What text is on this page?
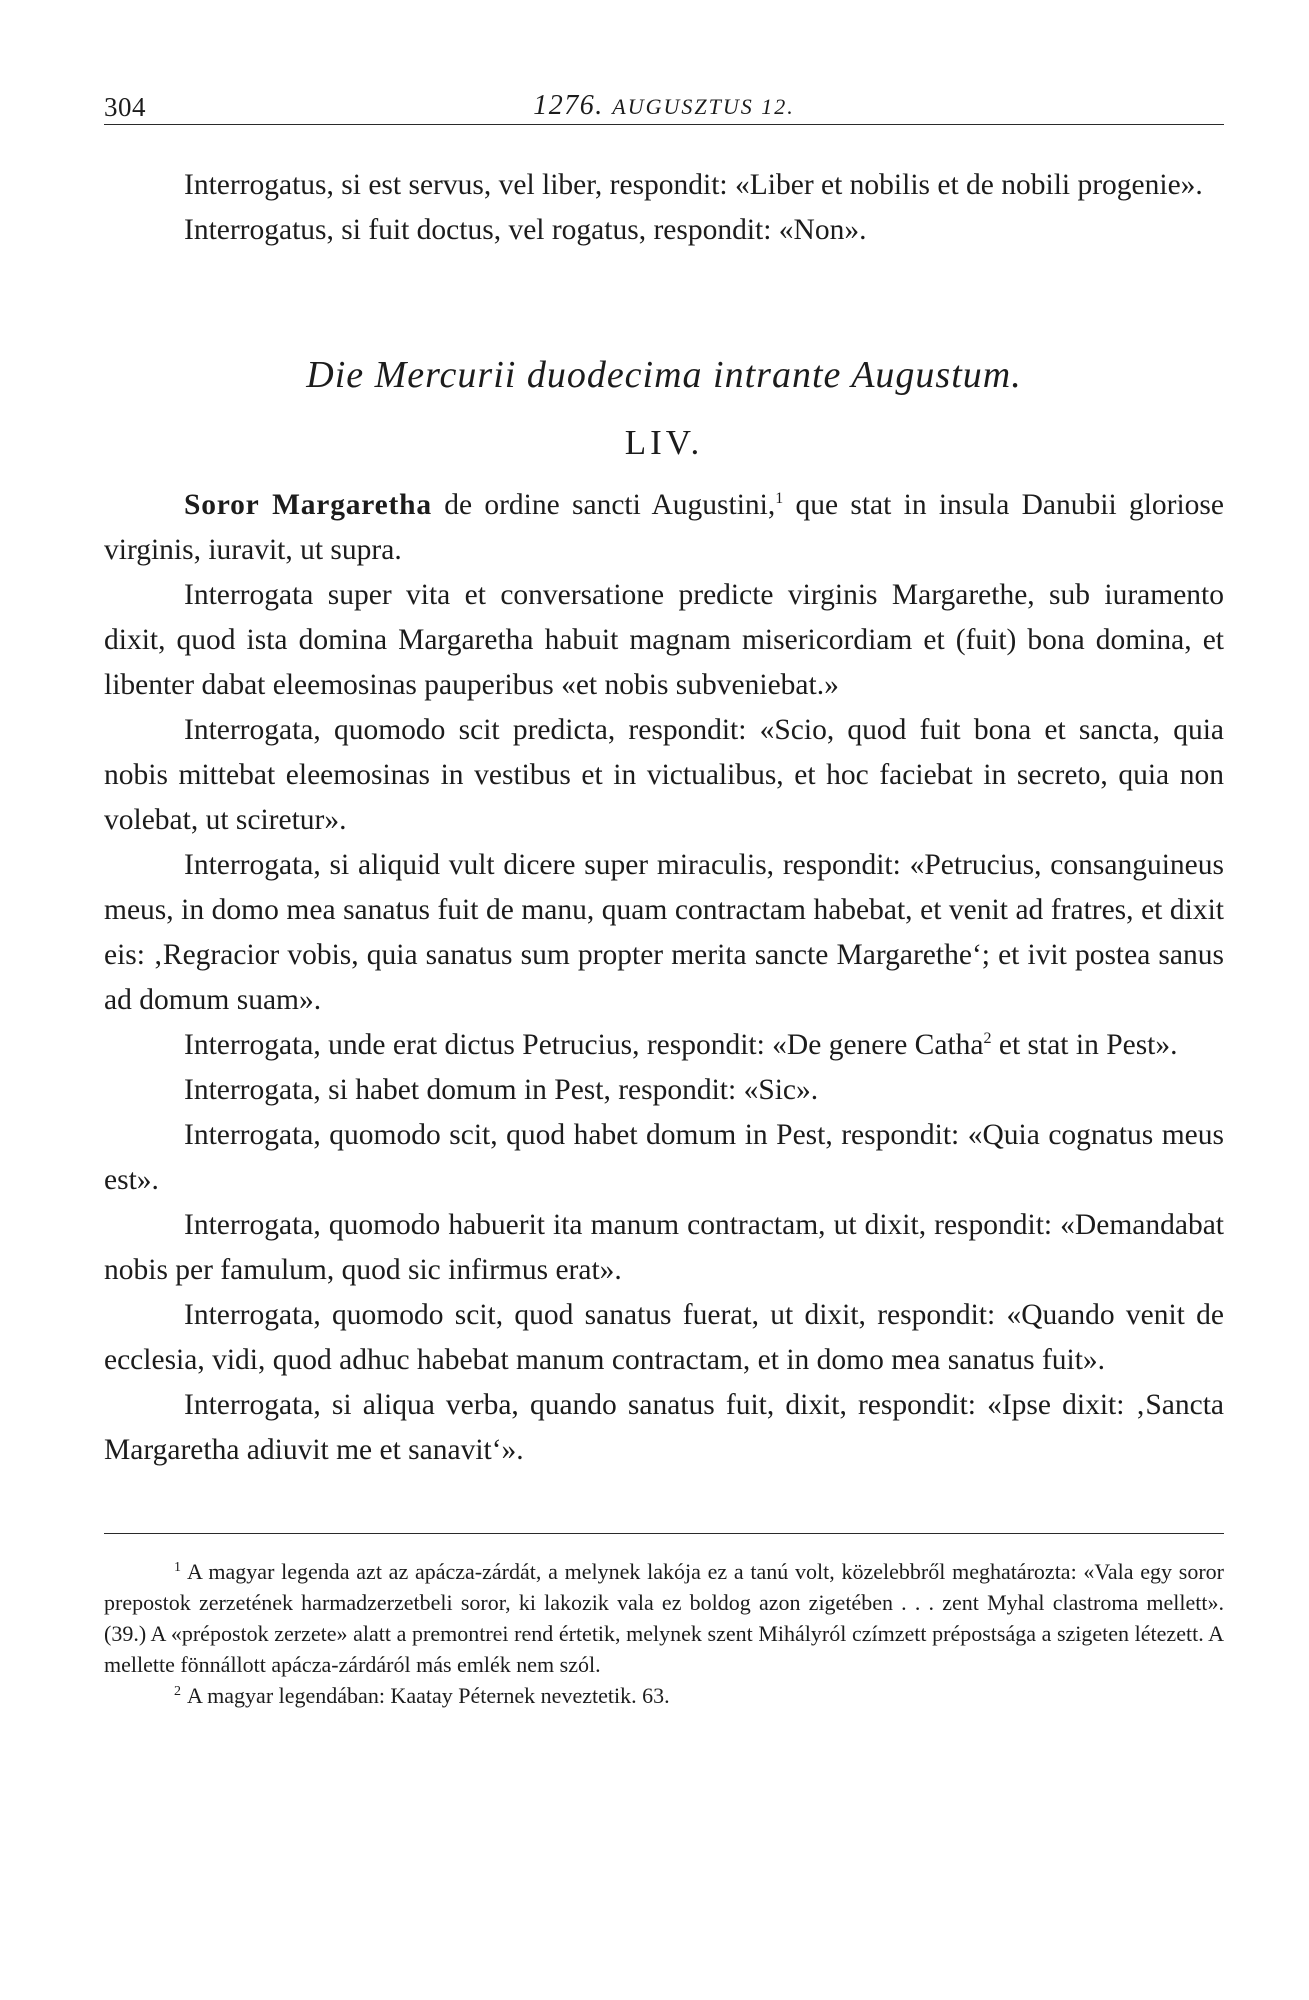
304	1276. AUGUSZTUS 12.

Interrogatus, si est servus, vel liber, respondit: «Liber et nobilis et de nobili progenie».

Interrogatus, si fuit doctus, vel rogatus, respondit: «Non».

Die Mercurii duodecima intrante Augustum.
LIV.

Soror Margaretha de ordine sancti Augustini,$^1$ que stat in insula Danubii gloriose virginis, iuravit, ut supra.

Interrogata super vita et conversatione predicte virginis Margarethe, sub iuramento dixit, quod ista domina Margaretha habuit magnam misericordiam et (fuit) bona domina, et libenter dabat eleemosinas pauperibus «et nobis subveniebat.»

Interrogata, quomodo scit predicta, respondit: «Scio, quod fuit bona et sancta, quia nobis mittebat eleemosinas in vestibus et in victualibus, et hoc faciebat in secreto, quia non volebat, ut sciretur».

Interrogata, si aliquid vult dicere super miraculis, respondit: «Petrucius, consanguineus meus, in domo mea sanatus fuit de manu, quam contractam habebat, et venit ad fratres, et dixit eis: ‚Regracior vobis, quia sanatus sum propter merita sancte Margarethe‘; et ivit postea sanus ad domum suam».

Interrogata, unde erat dictus Petrucius, respondit: «De genere Catha$^2$ et stat in Pest».

Interrogata, si habet domum in Pest, respondit: «Sic».

Interrogata, quomodo scit, quod habet domum in Pest, respondit: «Quia cognatus meus est».

Interrogata, quomodo habuerit ita manum contractam, ut dixit, respondit: «Demandabat nobis per famulum, quod sic infirmus erat».

Interrogata, quomodo scit, quod sanatus fuerat, ut dixit, respondit: «Quando venit de ecclesia, vidi, quod adhuc habebat manum contractam, et in domo mea sanatus fuit».

Interrogata, si aliqua verba, quando sanatus fuit, dixit, respondit: «Ipse dixit: ‚Sancta Margaretha adiuvit me et sanavit‘».

$^1$ A magyar legenda azt az apácza-zárdát, a melynek lakója ez a tanú volt, közelebbről meghatározta: «Vala egy soror prepostok zerzetének harmadzerzetbeli soror, ki lakozik vala ez boldog azon zigetében . . . zent Myhal clastroma mellett». (39.) A «prépostok zerzete» alatt a premontrei rend értetik, melynek szent Mihályról czímzett prépostsága a szigeten létezett. A mellette fönnállott apácza-zárdáról más emlék nem szól.

$^2$ A magyar legendában: Kaatay Péternek neveztetik. 63.
